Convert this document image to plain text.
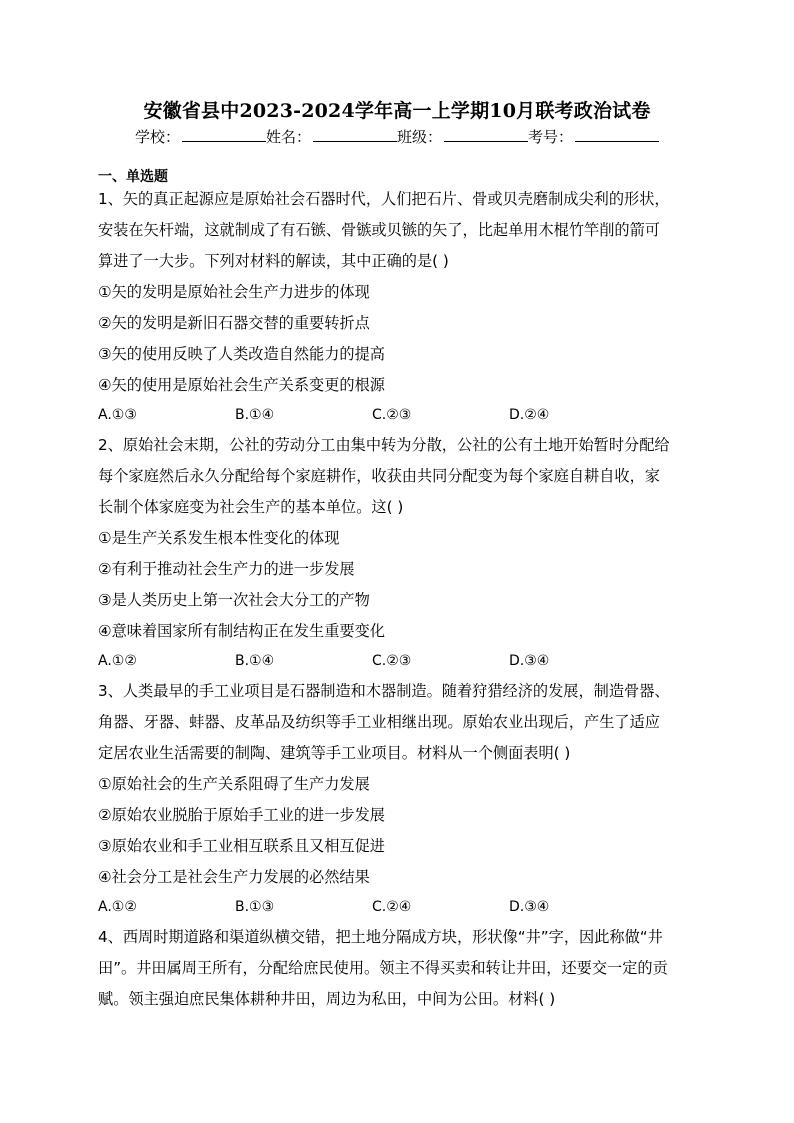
安徽省县中2023-2024学年高一上学期10月联考政治试卷
学校：	姓名：	班级：	考号：
一、单选题
1、矢的真正起源应是原始社会石器时代，人们把石片、骨或贝壳磨制成尖利的形状，
安装在矢杆端，这就制成了有石镞、骨镞或贝镞的矢了，比起单用木棍竹竿削的箭可
算进了一大步。下列对材料的解读，其中正确的是( )
①矢的发明是原始社会生产力进步的体现
②矢的发明是新旧石器交替的重要转折点
③矢的使用反映了人类改造自然能力的提高
④矢的使用是原始社会生产关系变更的根源
A.①③	B.①④	C.②③	D.②④
2、原始社会末期，公社的劳动分工由集中转为分散，公社的公有土地开始暂时分配给
每个家庭然后永久分配给每个家庭耕作，收获由共同分配变为每个家庭自耕自收，家
长制个体家庭变为社会生产的基本单位。这( )
①是生产关系发生根本性变化的体现
②有利于推动社会生产力的进一步发展
③是人类历史上第一次社会大分工的产物
④意味着国家所有制结构正在发生重要变化
A.①②	B.①④	C.②③	D.③④
3、人类最早的手工业项目是石器制造和木器制造。随着狩猎经济的发展，制造骨器、
角器、牙器、蚌器、皮革品及纺织等手工业相继出现。原始农业出现后，产生了适应
定居农业生活需要的制陶、建筑等手工业项目。材料从一个侧面表明( )
①原始社会的生产关系阻碍了生产力发展
②原始农业脱胎于原始手工业的进一步发展
③原始农业和手工业相互联系且又相互促进
④社会分工是社会生产力发展的必然结果
A.①②	B.①③	C.②④	D.③④
4、西周时期道路和渠道纵横交错，把土地分隔成方块，形状像“井”字，因此称做“井
田”。井田属周王所有，分配给庶民使用。领主不得买卖和转让井田，还要交一定的贡
赋。领主强迫庶民集体耕种井田，周边为私田，中间为公田。材料( )
